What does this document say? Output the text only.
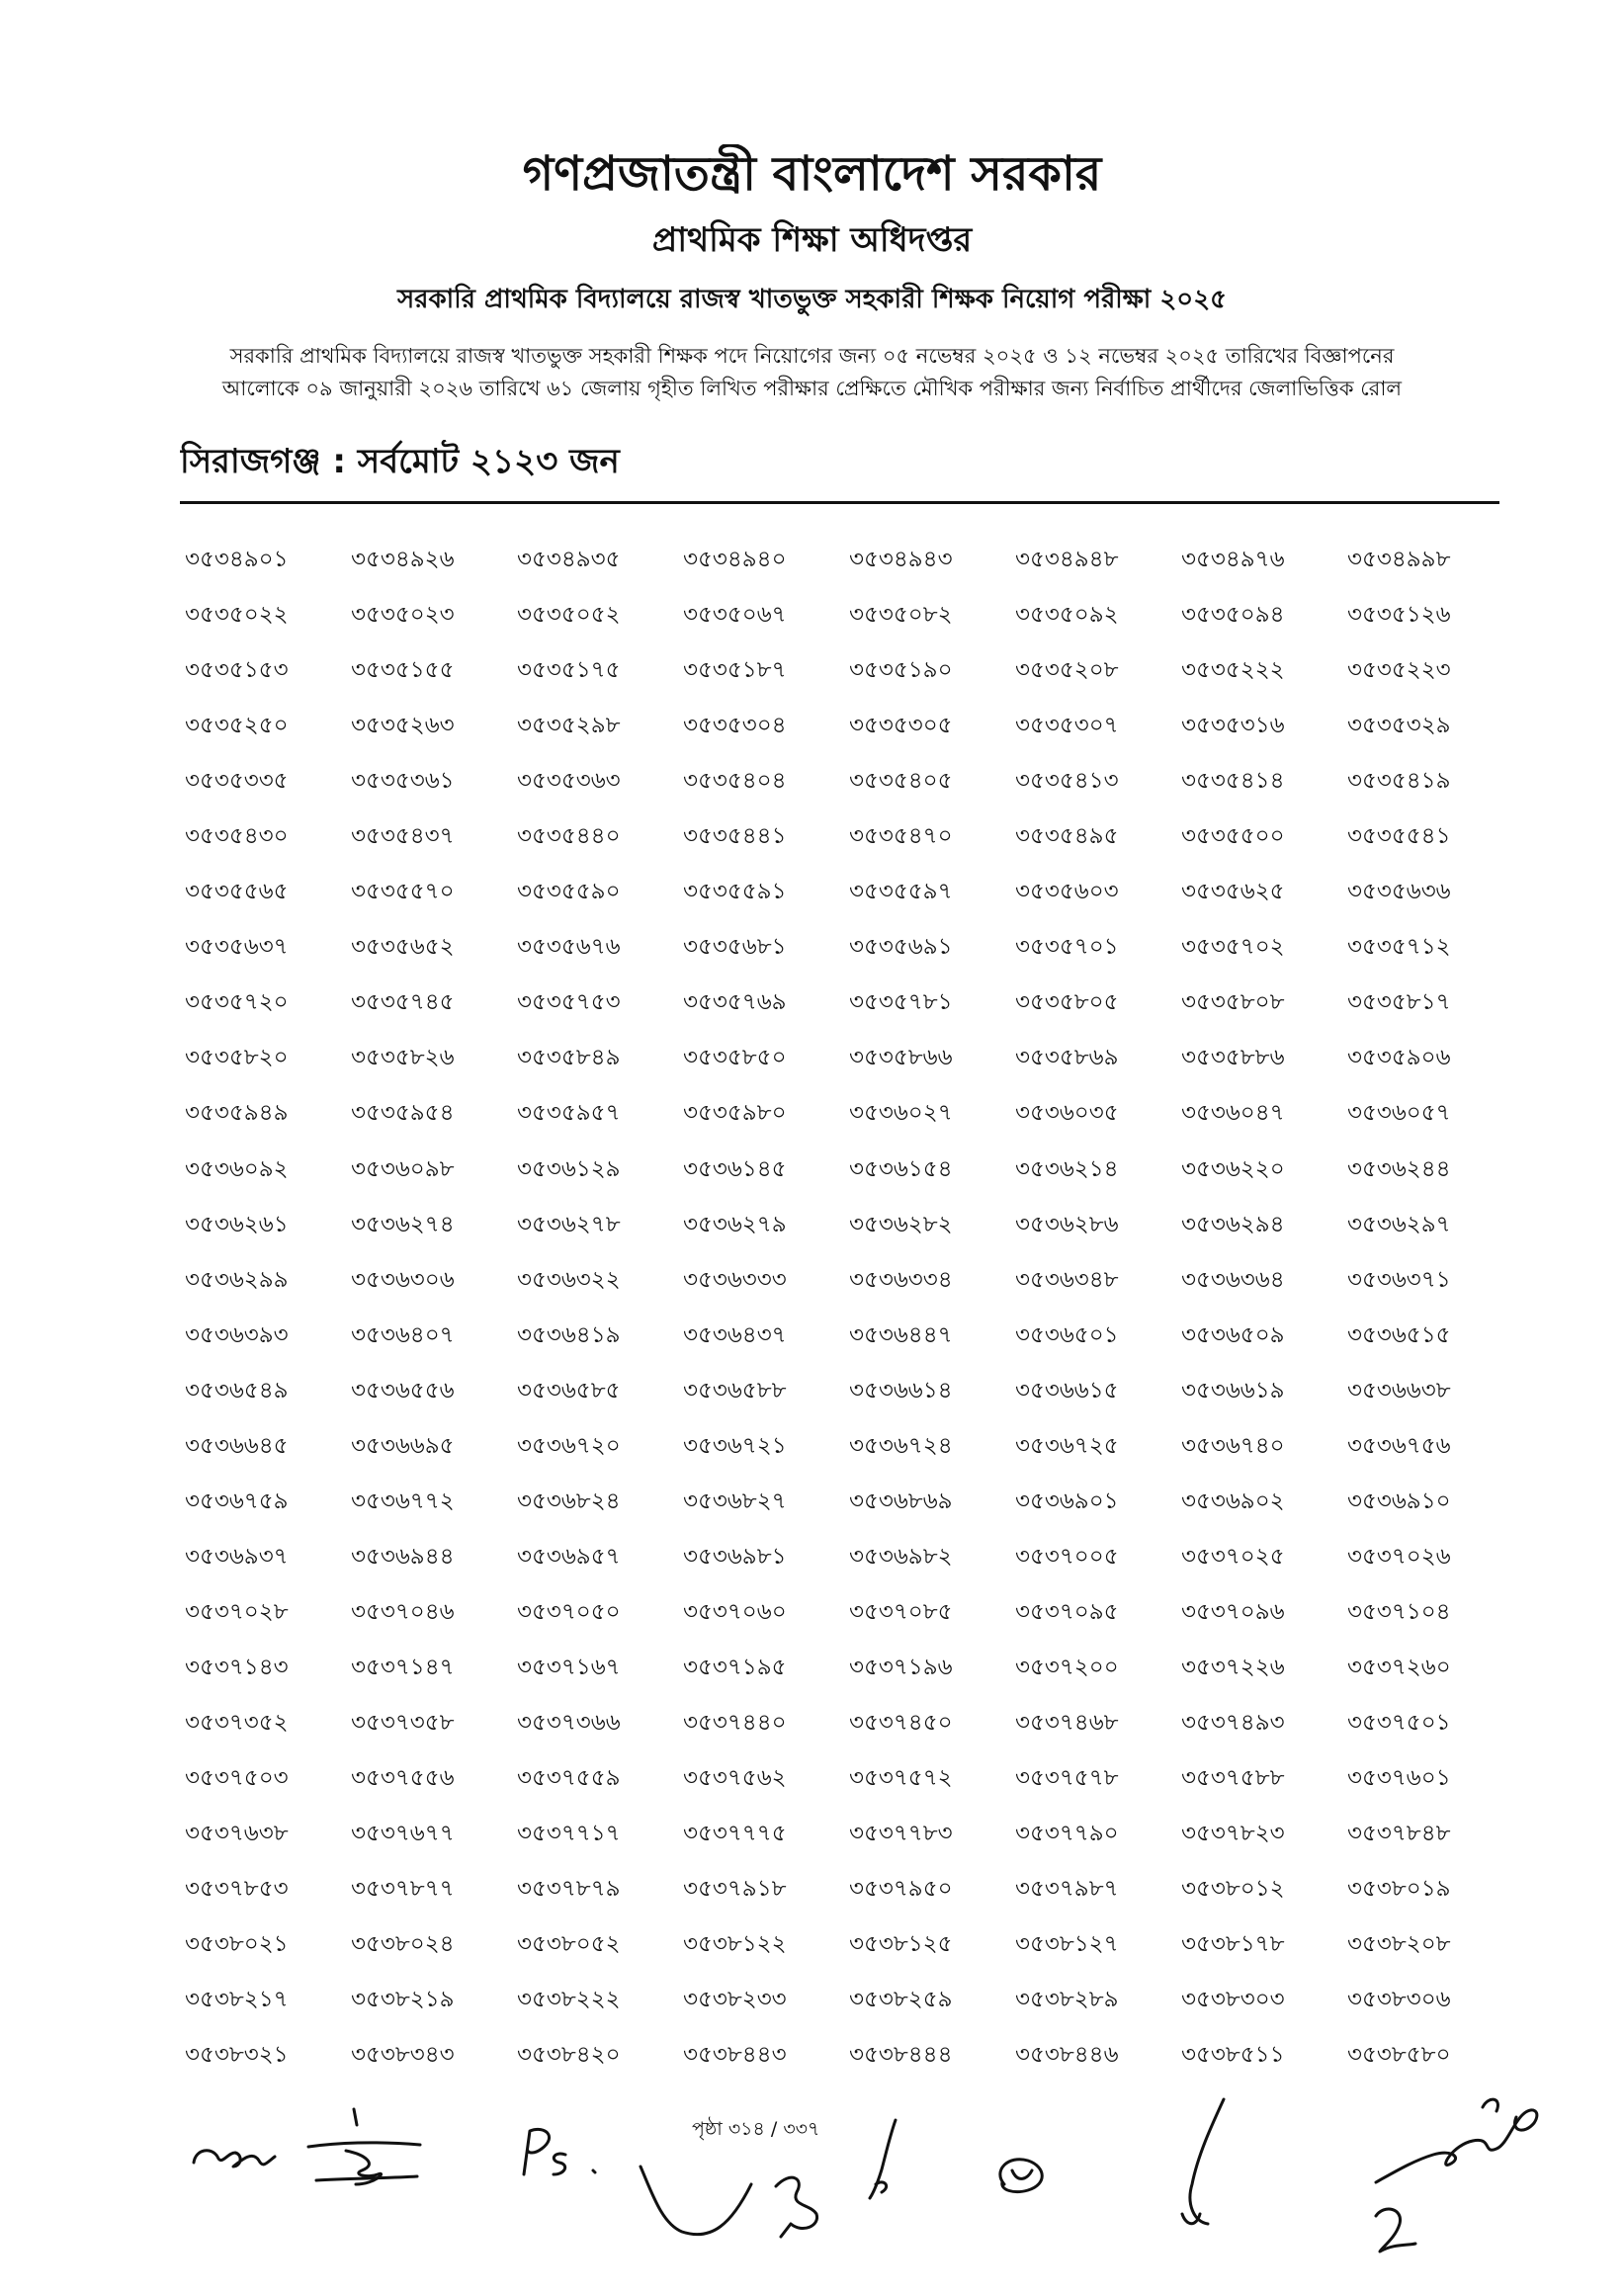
গণপ্রজাতন্ত্রী বাংলাদেশ সরকার
প্রাথমিক শিক্ষা অধিদপ্তর
সরকারি প্রাথমিক বিদ্যালয়ে রাজস্ব খাতভুক্ত সহকারী শিক্ষক নিয়োগ পরীক্ষা ২০২৫
সরকারি প্রাথমিক বিদ্যালয়ে রাজস্ব খাতভুক্ত সহকারী শিক্ষক পদে নিয়োগের জন্য ০৫ নভেম্বর ২০২৫ ও ১২ নভেম্বর ২০২৫ তারিখের বিজ্ঞাপনের
আলোকে ০৯ জানুয়ারী ২০২৬ তারিখে ৬১ জেলায় গৃহীত লিখিত পরীক্ষার প্রেক্ষিতে মৌখিক পরীক্ষার জন্য নির্বাচিত প্রার্থীদের জেলাভিত্তিক রোল
সিরাজগঞ্জ : সর্বমোট ২১২৩ জন
৩৫৩৪৯০১	৩৫৩৪৯২৬	৩৫৩৪৯৩৫	৩৫৩৪৯৪০	৩৫৩৪৯৪৩	৩৫৩৪৯৪৮	৩৫৩৪৯৭৬	৩৫৩৪৯৯৮
৩৫৩৫০২২	৩৫৩৫০২৩	৩৫৩৫০৫২	৩৫৩৫০৬৭	৩৫৩৫০৮২	৩৫৩৫০৯২	৩৫৩৫০৯৪	৩৫৩৫১২৬
৩৫৩৫১৫৩	৩৫৩৫১৫৫	৩৫৩৫১৭৫	৩৫৩৫১৮৭	৩৫৩৫১৯০	৩৫৩৫২০৮	৩৫৩৫২২২	৩৫৩৫২২৩
৩৫৩৫২৫০	৩৫৩৫২৬৩	৩৫৩৫২৯৮	৩৫৩৫৩০৪	৩৫৩৫৩০৫	৩৫৩৫৩০৭	৩৫৩৫৩১৬	৩৫৩৫৩২৯
৩৫৩৫৩৩৫	৩৫৩৫৩৬১	৩৫৩৫৩৬৩	৩৫৩৫৪০৪	৩৫৩৫৪০৫	৩৫৩৫৪১৩	৩৫৩৫৪১৪	৩৫৩৫৪১৯
৩৫৩৫৪৩০	৩৫৩৫৪৩৭	৩৫৩৫৪৪০	৩৫৩৫৪৪১	৩৫৩৫৪৭০	৩৫৩৫৪৯৫	৩৫৩৫৫০০	৩৫৩৫৫৪১
৩৫৩৫৫৬৫	৩৫৩৫৫৭০	৩৫৩৫৫৯০	৩৫৩৫৫৯১	৩৫৩৫৫৯৭	৩৫৩৫৬০৩	৩৫৩৫৬২৫	৩৫৩৫৬৩৬
৩৫৩৫৬৩৭	৩৫৩৫৬৫২	৩৫৩৫৬৭৬	৩৫৩৫৬৮১	৩৫৩৫৬৯১	৩৫৩৫৭০১	৩৫৩৫৭০২	৩৫৩৫৭১২
৩৫৩৫৭২০	৩৫৩৫৭৪৫	৩৫৩৫৭৫৩	৩৫৩৫৭৬৯	৩৫৩৫৭৮১	৩৫৩৫৮০৫	৩৫৩৫৮০৮	৩৫৩৫৮১৭
৩৫৩৫৮২০	৩৫৩৫৮২৬	৩৫৩৫৮৪৯	৩৫৩৫৮৫০	৩৫৩৫৮৬৬	৩৫৩৫৮৬৯	৩৫৩৫৮৮৬	৩৫৩৫৯০৬
৩৫৩৫৯৪৯	৩৫৩৫৯৫৪	৩৫৩৫৯৫৭	৩৫৩৫৯৮০	৩৫৩৬০২৭	৩৫৩৬০৩৫	৩৫৩৬০৪৭	৩৫৩৬০৫৭
৩৫৩৬০৯২	৩৫৩৬০৯৮	৩৫৩৬১২৯	৩৫৩৬১৪৫	৩৫৩৬১৫৪	৩৫৩৬২১৪	৩৫৩৬২২০	৩৫৩৬২৪৪
৩৫৩৬২৬১	৩৫৩৬২৭৪	৩৫৩৬২৭৮	৩৫৩৬২৭৯	৩৫৩৬২৮২	৩৫৩৬২৮৬	৩৫৩৬২৯৪	৩৫৩৬২৯৭
৩৫৩৬২৯৯	৩৫৩৬৩০৬	৩৫৩৬৩২২	৩৫৩৬৩৩৩	৩৫৩৬৩৩৪	৩৫৩৬৩৪৮	৩৫৩৬৩৬৪	৩৫৩৬৩৭১
৩৫৩৬৩৯৩	৩৫৩৬৪০৭	৩৫৩৬৪১৯	৩৫৩৬৪৩৭	৩৫৩৬৪৪৭	৩৫৩৬৫০১	৩৫৩৬৫০৯	৩৫৩৬৫১৫
৩৫৩৬৫৪৯	৩৫৩৬৫৫৬	৩৫৩৬৫৮৫	৩৫৩৬৫৮৮	৩৫৩৬৬১৪	৩৫৩৬৬১৫	৩৫৩৬৬১৯	৩৫৩৬৬৩৮
৩৫৩৬৬৪৫	৩৫৩৬৬৯৫	৩৫৩৬৭২০	৩৫৩৬৭২১	৩৫৩৬৭২৪	৩৫৩৬৭২৫	৩৫৩৬৭৪০	৩৫৩৬৭৫৬
৩৫৩৬৭৫৯	৩৫৩৬৭৭২	৩৫৩৬৮২৪	৩৫৩৬৮২৭	৩৫৩৬৮৬৯	৩৫৩৬৯০১	৩৫৩৬৯০২	৩৫৩৬৯১০
৩৫৩৬৯৩৭	৩৫৩৬৯৪৪	৩৫৩৬৯৫৭	৩৫৩৬৯৮১	৩৫৩৬৯৮২	৩৫৩৭০০৫	৩৫৩৭০২৫	৩৫৩৭০২৬
৩৫৩৭০২৮	৩৫৩৭০৪৬	৩৫৩৭০৫০	৩৫৩৭০৬০	৩৫৩৭০৮৫	৩৫৩৭০৯৫	৩৫৩৭০৯৬	৩৫৩৭১০৪
৩৫৩৭১৪৩	৩৫৩৭১৪৭	৩৫৩৭১৬৭	৩৫৩৭১৯৫	৩৫৩৭১৯৬	৩৫৩৭২০০	৩৫৩৭২২৬	৩৫৩৭২৬০
৩৫৩৭৩৫২	৩৫৩৭৩৫৮	৩৫৩৭৩৬৬	৩৫৩৭৪৪০	৩৫৩৭৪৫০	৩৫৩৭৪৬৮	৩৫৩৭৪৯৩	৩৫৩৭৫০১
৩৫৩৭৫০৩	৩৫৩৭৫৫৬	৩৫৩৭৫৫৯	৩৫৩৭৫৬২	৩৫৩৭৫৭২	৩৫৩৭৫৭৮	৩৫৩৭৫৮৮	৩৫৩৭৬০১
৩৫৩৭৬৩৮	৩৫৩৭৬৭৭	৩৫৩৭৭১৭	৩৫৩৭৭৭৫	৩৫৩৭৭৮৩	৩৫৩৭৭৯০	৩৫৩৭৮২৩	৩৫৩৭৮৪৮
৩৫৩৭৮৫৩	৩৫৩৭৮৭৭	৩৫৩৭৮৭৯	৩৫৩৭৯১৮	৩৫৩৭৯৫০	৩৫৩৭৯৮৭	৩৫৩৮০১২	৩৫৩৮০১৯
৩৫৩৮০২১	৩৫৩৮০২৪	৩৫৩৮০৫২	৩৫৩৮১২২	৩৫৩৮১২৫	৩৫৩৮১২৭	৩৫৩৮১৭৮	৩৫৩৮২০৮
৩৫৩৮২১৭	৩৫৩৮২১৯	৩৫৩৮২২২	৩৫৩৮২৩৩	৩৫৩৮২৫৯	৩৫৩৮২৮৯	৩৫৩৮৩০৩	৩৫৩৮৩০৬
৩৫৩৮৩২১	৩৫৩৮৩৪৩	৩৫৩৮৪২০	৩৫৩৮৪৪৩	৩৫৩৮৪৪৪	৩৫৩৮৪৪৬	৩৫৩৮৫১১	৩৫৩৮৫৮০
পৃষ্ঠা ৩১৪ / ৩৩৭
